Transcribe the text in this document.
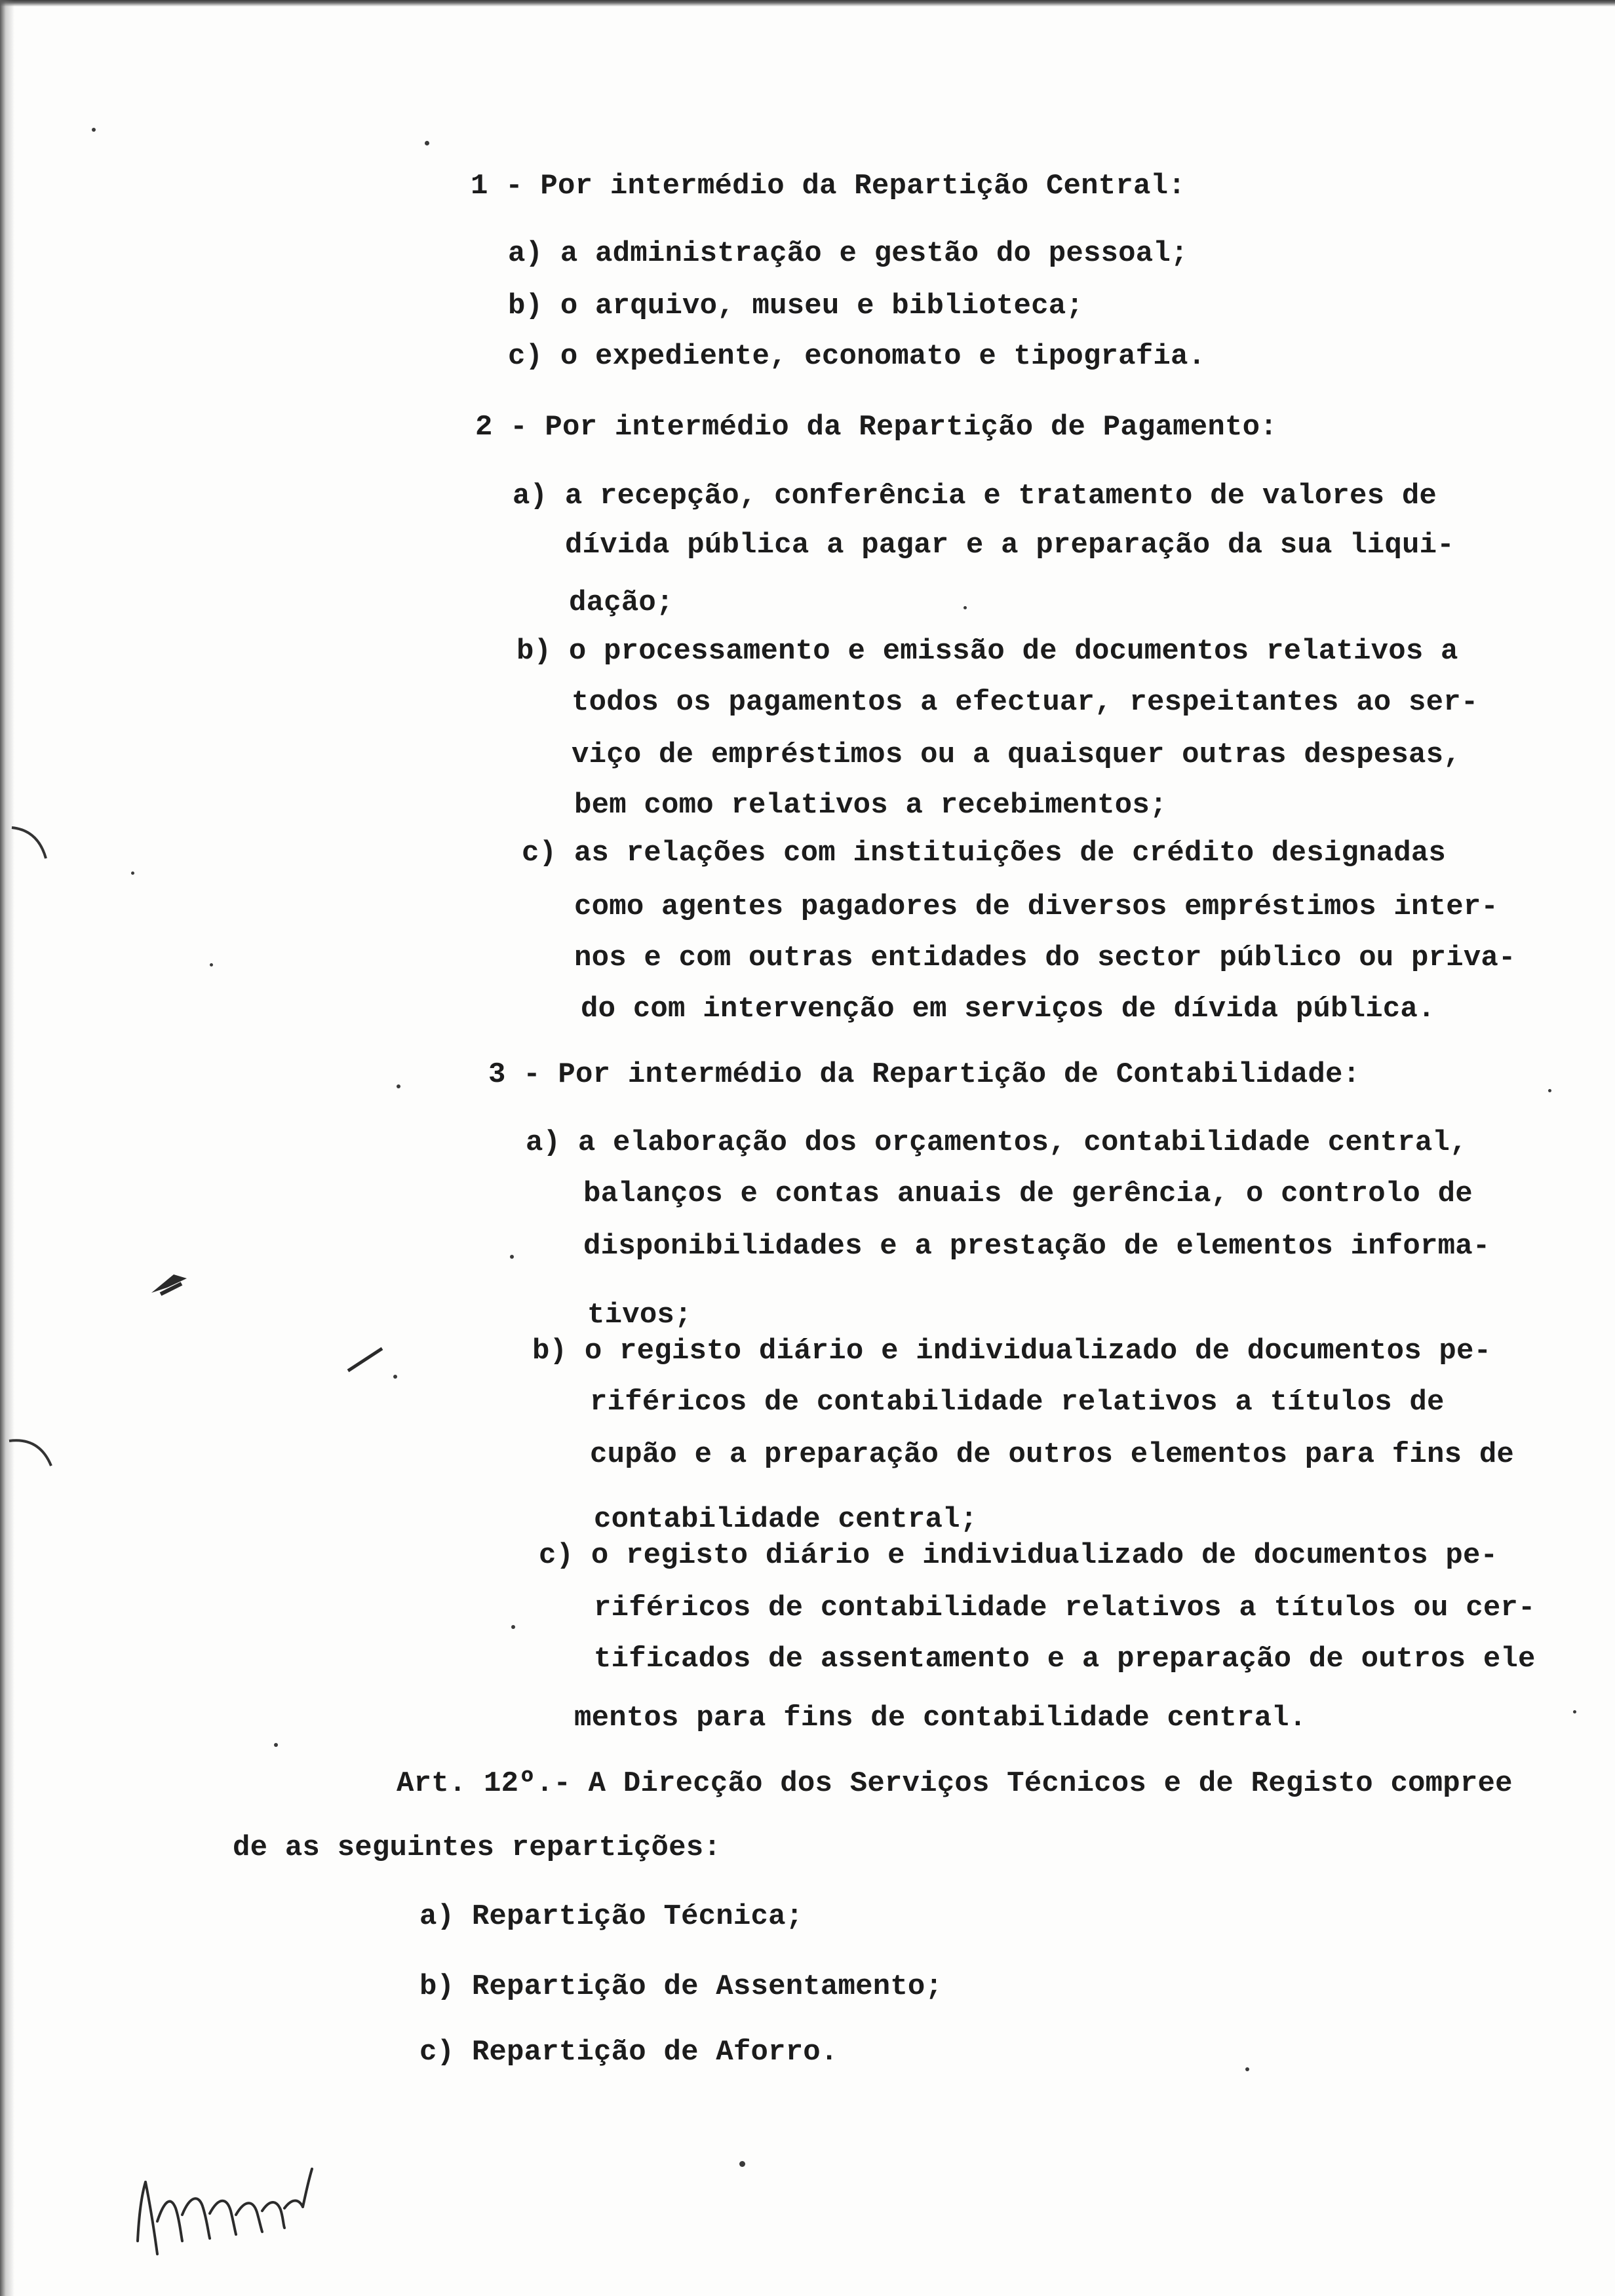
1 - Por intermédio da Repartição Central:
a) a administração e gestão do pessoal;
b) o arquivo, museu e biblioteca;
c) o expediente, economato e tipografia.
2 - Por intermédio da Repartição de Pagamento:
a) a recepção, conferência e tratamento de valores de
dívida pública a pagar e a preparação da sua liqui-
dação;
b) o processamento e emissão de documentos relativos a
todos os pagamentos a efectuar, respeitantes ao ser-
viço de empréstimos ou a quaisquer outras despesas,
bem como relativos a recebimentos;
c) as relações com instituições de crédito designadas
como agentes pagadores de diversos empréstimos inter-
nos e com outras entidades do sector público ou priva-
do com intervenção em serviços de dívida pública.
3 - Por intermédio da Repartição de Contabilidade:
a) a elaboração dos orçamentos, contabilidade central,
balanços e contas anuais de gerência, o controlo de
disponibilidades e a prestação de elementos informa-
tivos;
b) o registo diário e individualizado de documentos pe-
riféricos de contabilidade relativos a títulos de
cupão e a preparação de outros elementos para fins de
contabilidade central;
c) o registo diário e individualizado de documentos pe-
riféricos de contabilidade relativos a títulos ou cer-
tificados de assentamento e a preparação de outros ele
mentos para fins de contabilidade central.
Art. 12º.- A Direcção dos Serviços Técnicos e de Registo compree
de as seguintes repartições:
a) Repartição Técnica;
b) Repartição de Assentamento;
c) Repartição de Aforro.
